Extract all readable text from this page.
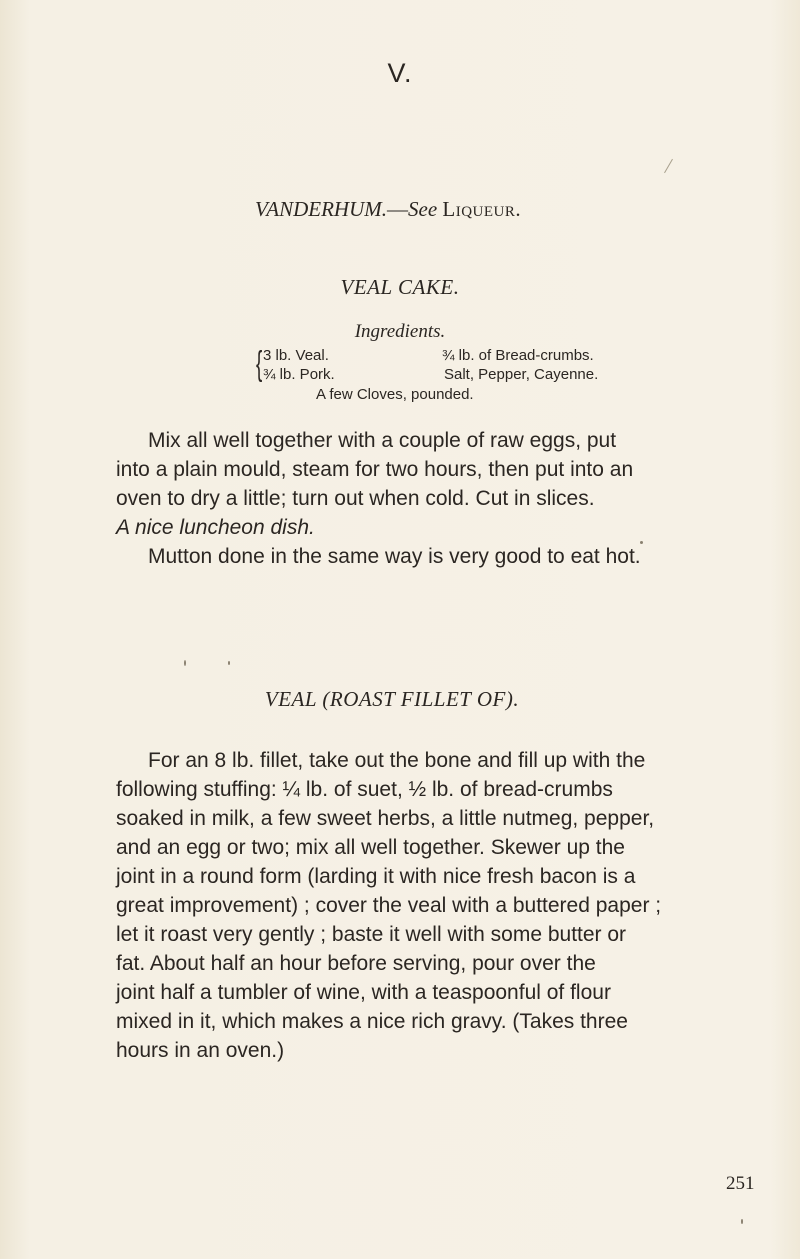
V.
VANDERHUM.—See Liqueur.
VEAL CAKE.
Ingredients.
{ 3 lb. Veal.
¾ lb. Pork.
¾ lb. of Bread-crumbs.
Salt, Pepper, Cayenne.
A few Cloves, pounded.
Mix all well together with a couple of raw eggs, put
into a plain mould, steam for two hours, then put into an
oven to dry a little; turn out when cold. Cut in slices.
A nice luncheon dish.
Mutton done in the same way is very good to eat hot.
VEAL (ROAST FILLET OF).
For an 8 lb. fillet, take out the bone and fill up with the
following stuffing: ¼ lb. of suet, ½ lb. of bread-crumbs
soaked in milk, a few sweet herbs, a little nutmeg, pepper,
and an egg or two; mix all well together. Skewer up the
joint in a round form (larding it with nice fresh bacon is a
great improvement) ; cover the veal with a buttered paper ;
let it roast very gently ; baste it well with some butter or
fat. About half an hour before serving, pour over the
joint half a tumbler of wine, with a teaspoonful of flour
mixed in it, which makes a nice rich gravy. (Takes three
hours in an oven.)
251
